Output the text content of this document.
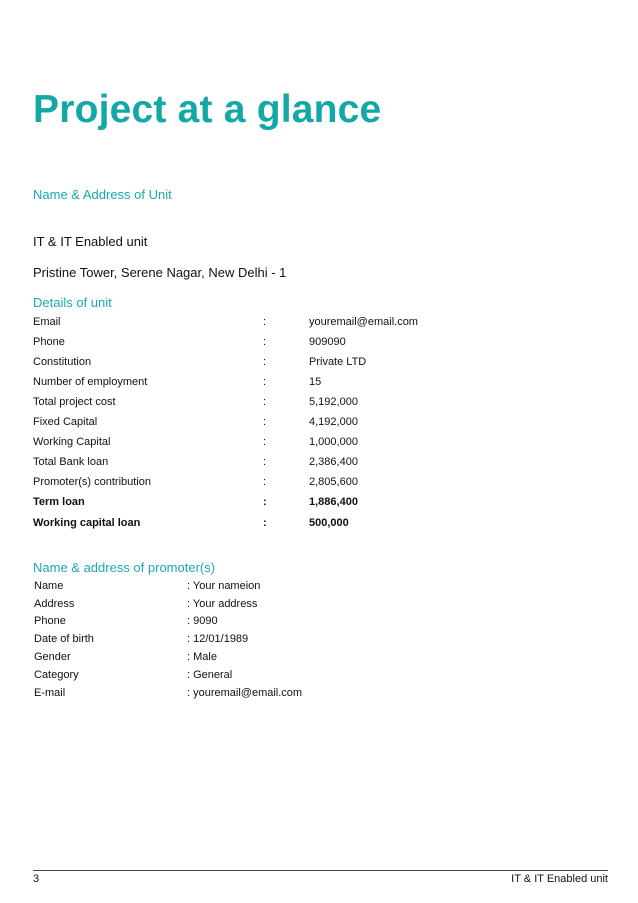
Project at a glance
Name & Address of Unit

IT & IT Enabled unit

Pristine Tower, Serene Nagar, New Delhi - 1

Details of unit
Email	:	youremail@email.com
Phone	:	909090
Constitution	:	Private LTD
Number of employment	:	15
Total project cost	:	5,192,000
Fixed Capital	:	4,192,000
Working Capital	:	1,000,000
Total Bank loan	:	2,386,400
Promoter(s) contribution	:	2,805,600
Term loan	:	1,886,400
Working capital loan	:	500,000
Name & address of promoter(s)
Name	: Your nameion
Address	: Your address
Phone	: 9090
Date of birth	: 12/01/1989
Gender	: Male
Category	: General
E-mail	: youremail@email.com
3	IT & IT Enabled unit
